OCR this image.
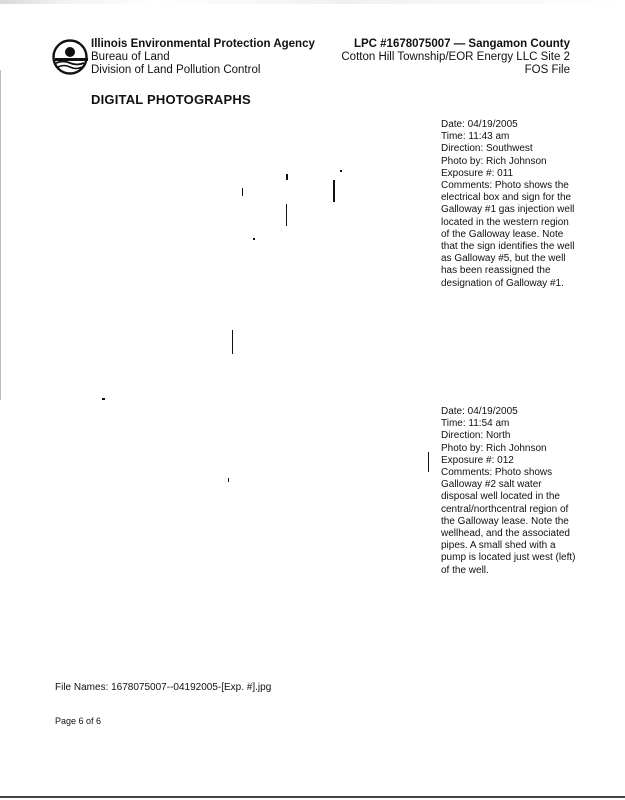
Illinois Environmental Protection Agency
Bureau of Land
Division of Land Pollution Control
LPC #1678075007 — Sangamon County
Cotton Hill Township/EOR Energy LLC Site 2
FOS File
DIGITAL PHOTOGRAPHS
Date: 04/19/2005
Time: 11:43 am
Direction: Southwest
Photo by: Rich Johnson
Exposure #: 011
Comments: Photo shows the electrical box and sign for the Galloway #1 gas injection well located in the western region of the Galloway lease. Note that the sign identifies the well as Galloway #5, but the well has been reassigned the designation of Galloway #1.
Date: 04/19/2005
Time: 11:54 am
Direction: North
Photo by: Rich Johnson
Exposure #: 012
Comments: Photo shows Galloway #2 salt water disposal well located in the central/northcentral region of the Galloway lease. Note the wellhead, and the associated pipes. A small shed with a pump is located just west (left) of the well.
File Names: 1678075007--04192005-[Exp. #].jpg
Page 6 of 6
